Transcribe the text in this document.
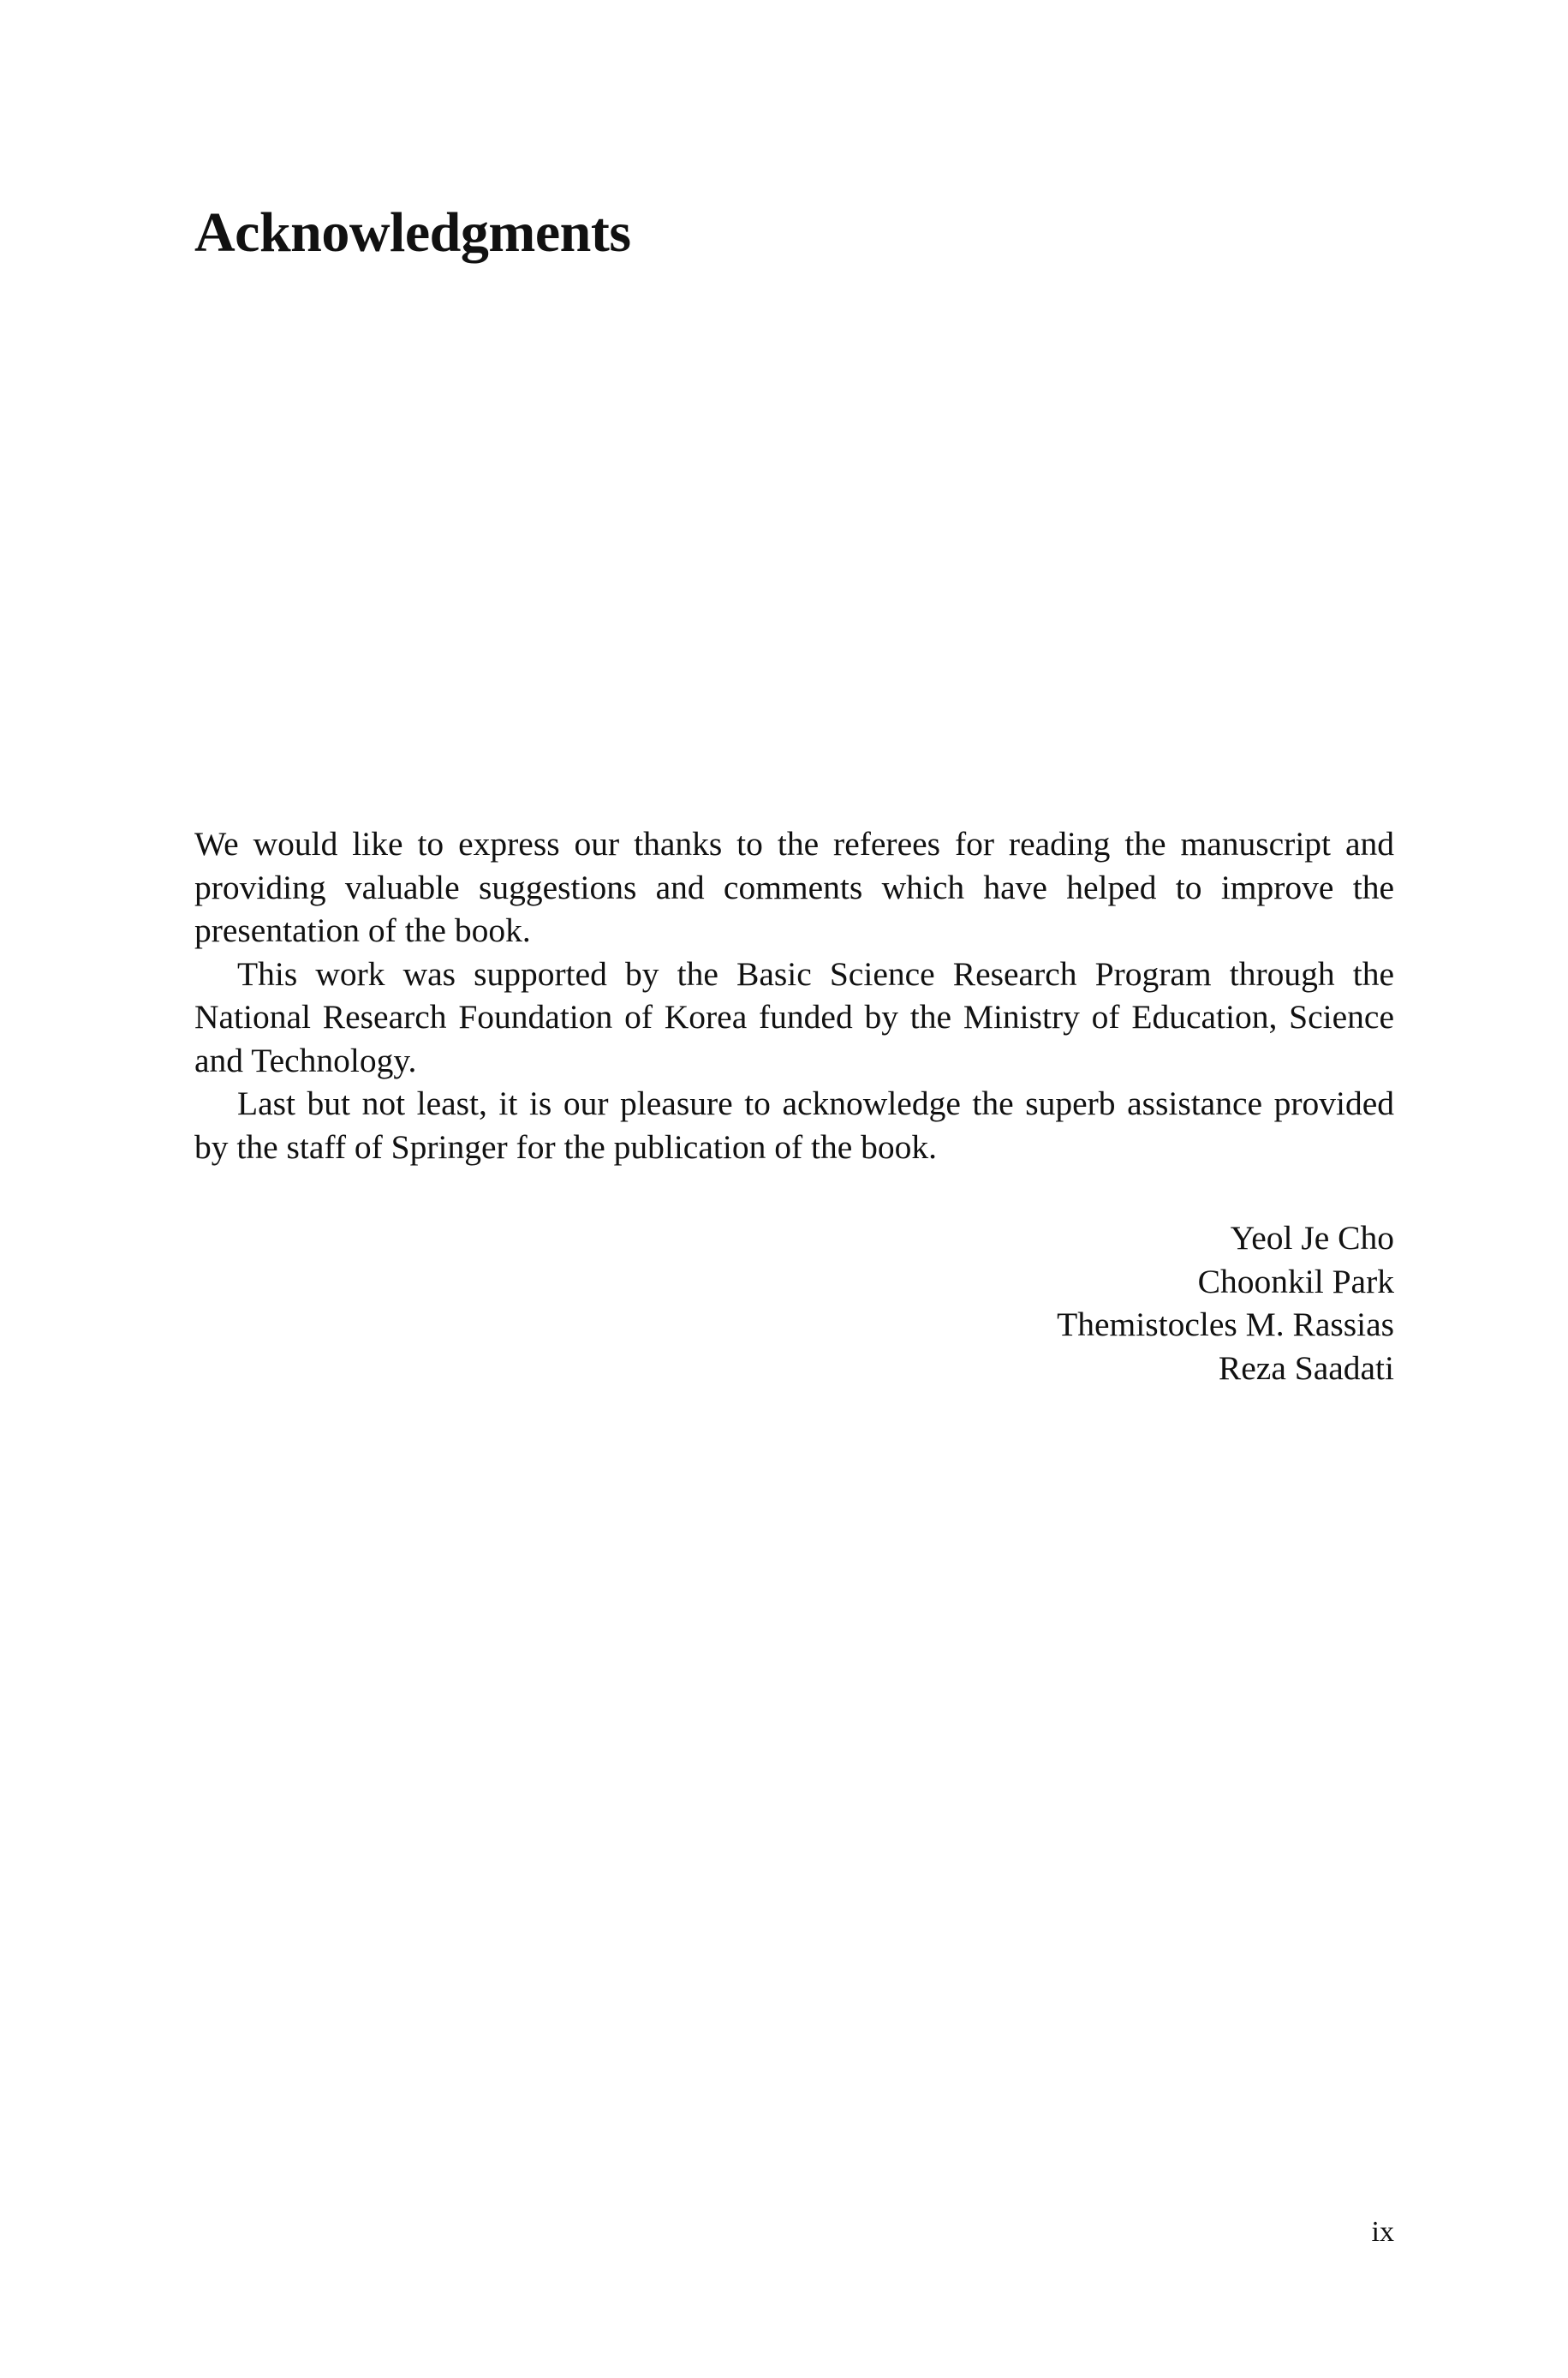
Acknowledgments

We would like to express our thanks to the referees for reading the manuscript and providing valuable suggestions and comments which have helped to improve the presentation of the book.

This work was supported by the Basic Science Research Program through the National Research Foundation of Korea funded by the Ministry of Education, Science and Technology.

Last but not least, it is our pleasure to acknowledge the superb assistance provided by the staff of Springer for the publication of the book.

Yeol Je Cho
Choonkil Park
Themistocles M. Rassias
Reza Saadati
ix
